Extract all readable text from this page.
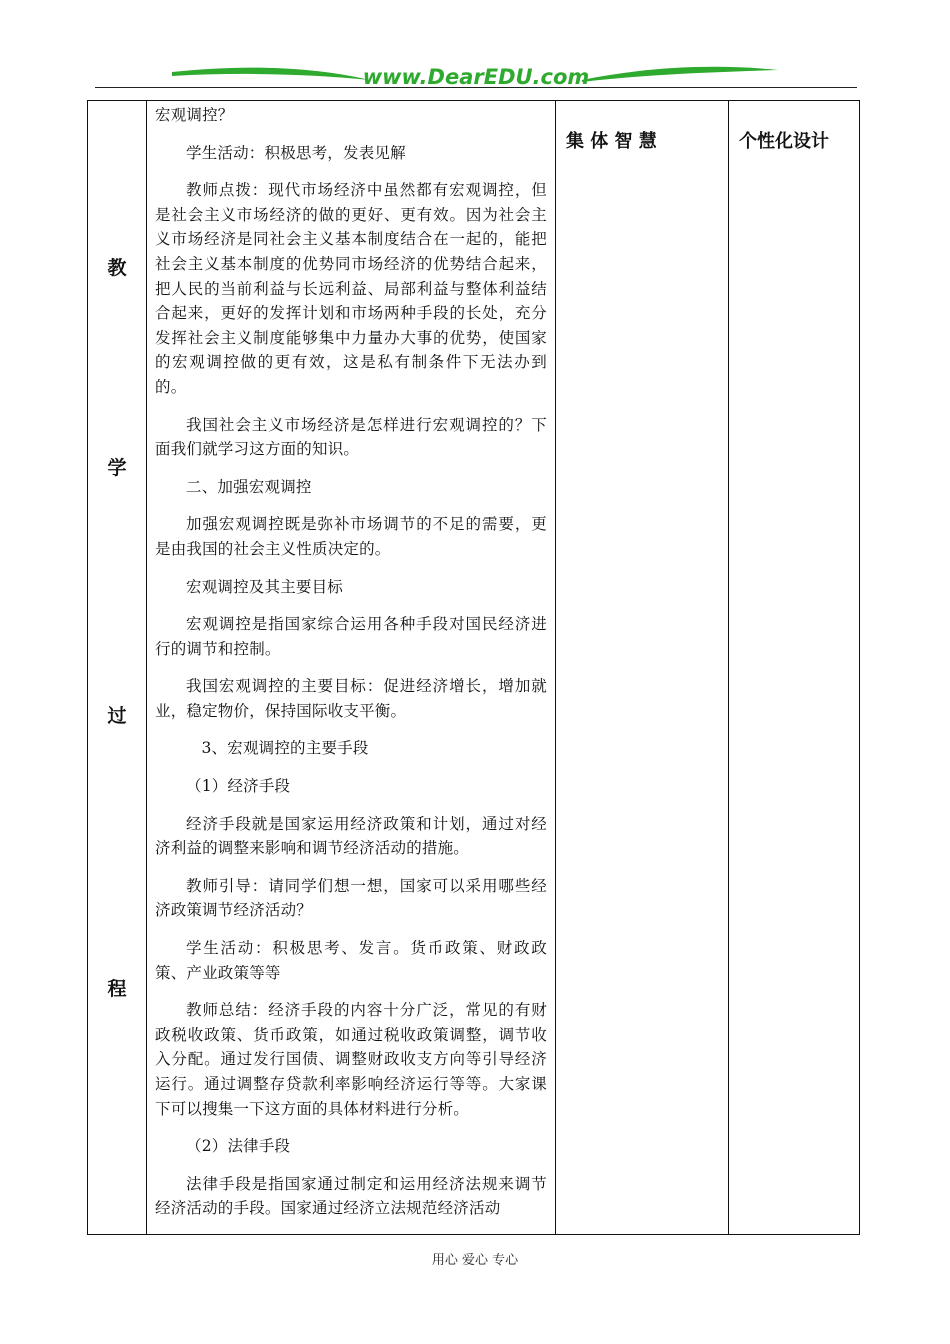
www.DearEDU.com
教
学
过
程

宏观调控？

学生活动：积极思考，发表见解

教师点拨：现代市场经济中虽然都有宏观调控，但是社会主义市场经济的做的更好、更有效。因为社会主义市场经济是同社会主义基本制度结合在一起的，能把社会主义基本制度的优势同市场经济的优势结合起来，把人民的当前利益与长远利益、局部利益与整体利益结合起来，更好的发挥计划和市场两种手段的长处，充分发挥社会主义制度能够集中力量办大事的优势，使国家的宏观调控做的更有效，这是私有制条件下无法办到的。

我国社会主义市场经济是怎样进行宏观调控的？下面我们就学习这方面的知识。

二、加强宏观调控

加强宏观调控既是弥补市场调节的不足的需要，更是由我国的社会主义性质决定的。

宏观调控及其主要目标

宏观调控是指国家综合运用各种手段对国民经济进行的调节和控制。

我国宏观调控的主要目标：促进经济增长，增加就业，稳定物价，保持国际收支平衡。

3、宏观调控的主要手段

（1）经济手段

经济手段就是国家运用经济政策和计划，通过对经济利益的调整来影响和调节经济活动的措施。

教师引导：请同学们想一想，国家可以采用哪些经济政策调节经济活动？

学生活动：积极思考、发言。货币政策、财政政策、产业政策等等

教师总结：经济手段的内容十分广泛，常见的有财政税收政策、货币政策，如通过税收政策调整，调节收入分配。通过发行国债、调整财政收支方向等引导经济运行。通过调整存贷款利率影响经济运行等等。大家课下可以搜集一下这方面的具体材料进行分析。

（2）法律手段

法律手段是指国家通过制定和运用经济法规来调节经济活动的手段。国家通过经济立法规范经济活动

集 体 智 慧	个性化设计
用心 爱心 专心
